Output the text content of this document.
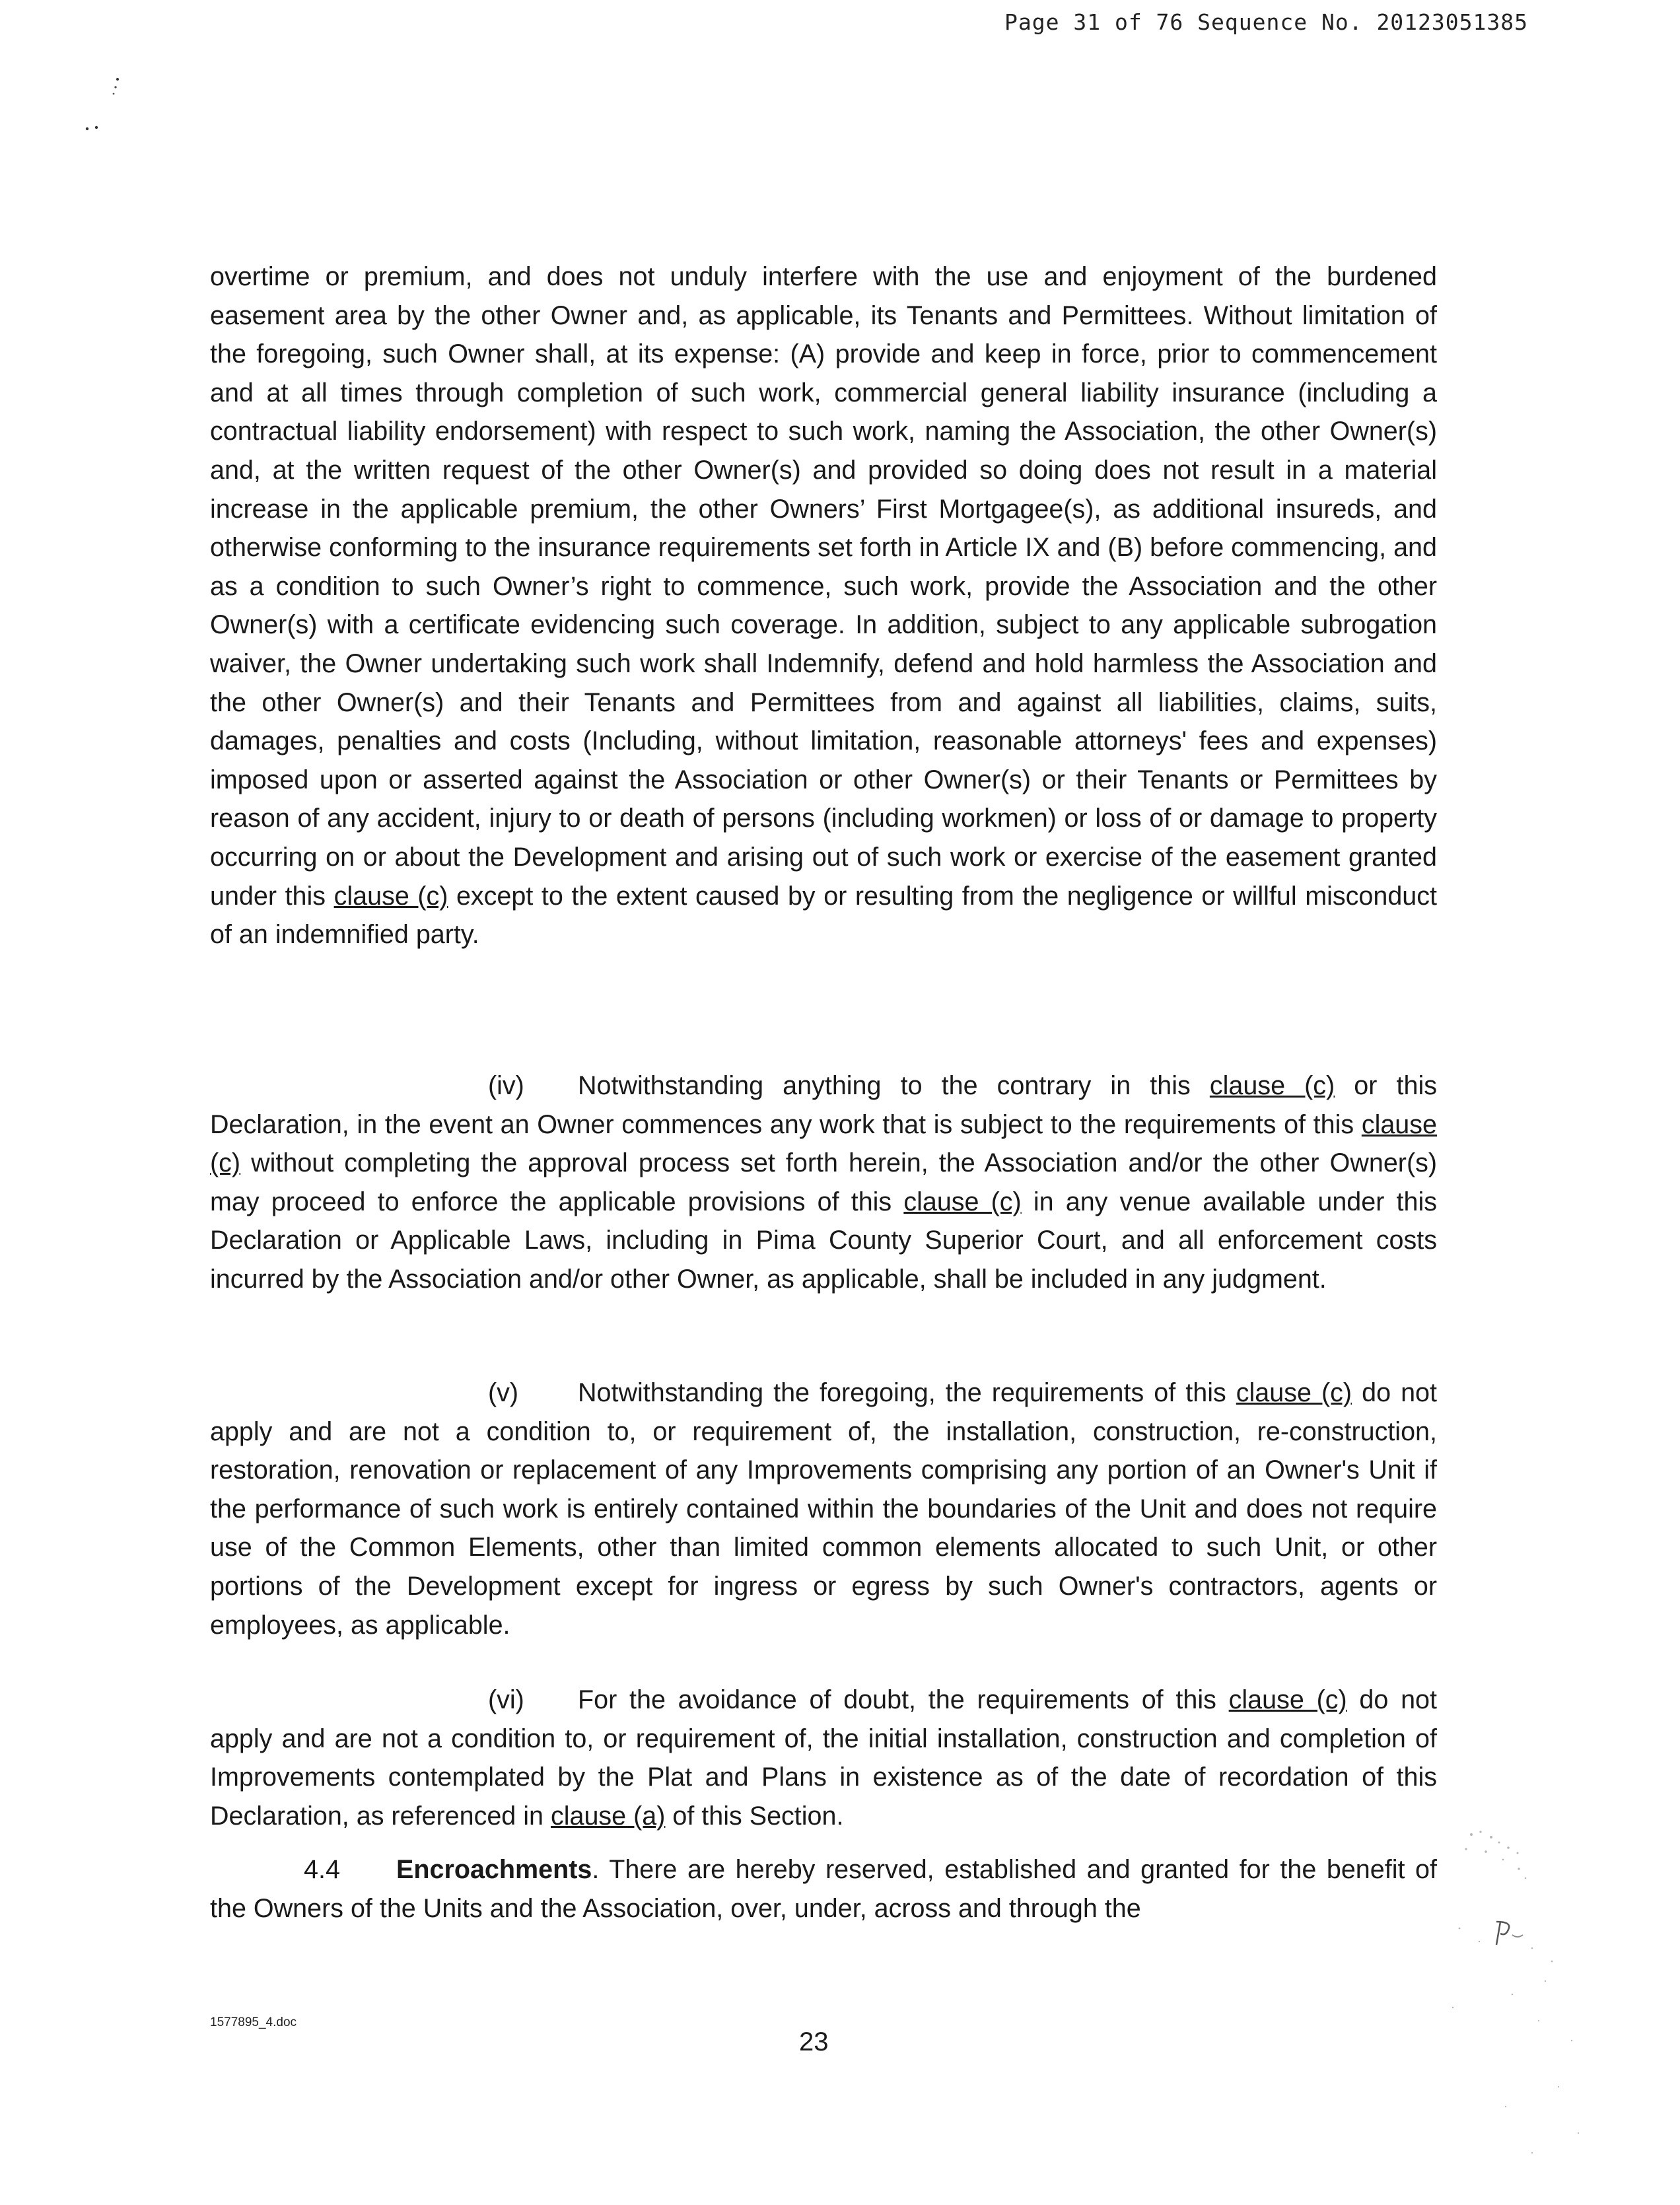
Page 31 of 76 Sequence No. 20123051385

overtime or premium, and does not unduly interfere with the use and enjoyment of the burdened easement area by the other Owner and, as applicable, its Tenants and Permittees. Without limitation of the foregoing, such Owner shall, at its expense: (A) provide and keep in force, prior to commencement and at all times through completion of such work, commercial general liability insurance (including a contractual liability endorsement) with respect to such work, naming the Association, the other Owner(s) and, at the written request of the other Owner(s) and provided so doing does not result in a material increase in the applicable premium, the other Owners’ First Mortgagee(s), as additional insureds, and otherwise conforming to the insurance requirements set forth in Article IX and (B) before commencing, and as a condition to such Owner’s right to commence, such work, provide the Association and the other Owner(s) with a certificate evidencing such coverage. In addition, subject to any applicable subrogation waiver, the Owner undertaking such work shall Indemnify, defend and hold harmless the Association and the other Owner(s) and their Tenants and Permittees from and against all liabilities, claims, suits, damages, penalties and costs (Including, without limitation, reasonable attorneys' fees and expenses) imposed upon or asserted against the Association or other Owner(s) or their Tenants or Permittees by reason of any accident, injury to or death of persons (including workmen) or loss of or damage to property occurring on or about the Development and arising out of such work or exercise of the easement granted under this clause (c) except to the extent caused by or resulting from the negligence or willful misconduct of an indemnified party.

(iv) Notwithstanding anything to the contrary in this clause (c) or this Declaration, in the event an Owner commences any work that is subject to the requirements of this clause (c) without completing the approval process set forth herein, the Association and/or the other Owner(s) may proceed to enforce the applicable provisions of this clause (c) in any venue available under this Declaration or Applicable Laws, including in Pima County Superior Court, and all enforcement costs incurred by the Association and/or other Owner, as applicable, shall be included in any judgment.

(v) Notwithstanding the foregoing, the requirements of this clause (c) do not apply and are not a condition to, or requirement of, the installation, construction, re-construction, restoration, renovation or replacement of any Improvements comprising any portion of an Owner's Unit if the performance of such work is entirely contained within the boundaries of the Unit and does not require use of the Common Elements, other than limited common elements allocated to such Unit, or other portions of the Development except for ingress or egress by such Owner's contractors, agents or employees, as applicable.

(vi) For the avoidance of doubt, the requirements of this clause (c) do not apply and are not a condition to, or requirement of, the initial installation, construction and completion of Improvements contemplated by the Plat and Plans in existence as of the date of recordation of this Declaration, as referenced in clause (a) of this Section.

4.4 Encroachments. There are hereby reserved, established and granted for the benefit of the Owners of the Units and the Association, over, under, across and through the

1577895_4.doc
23
